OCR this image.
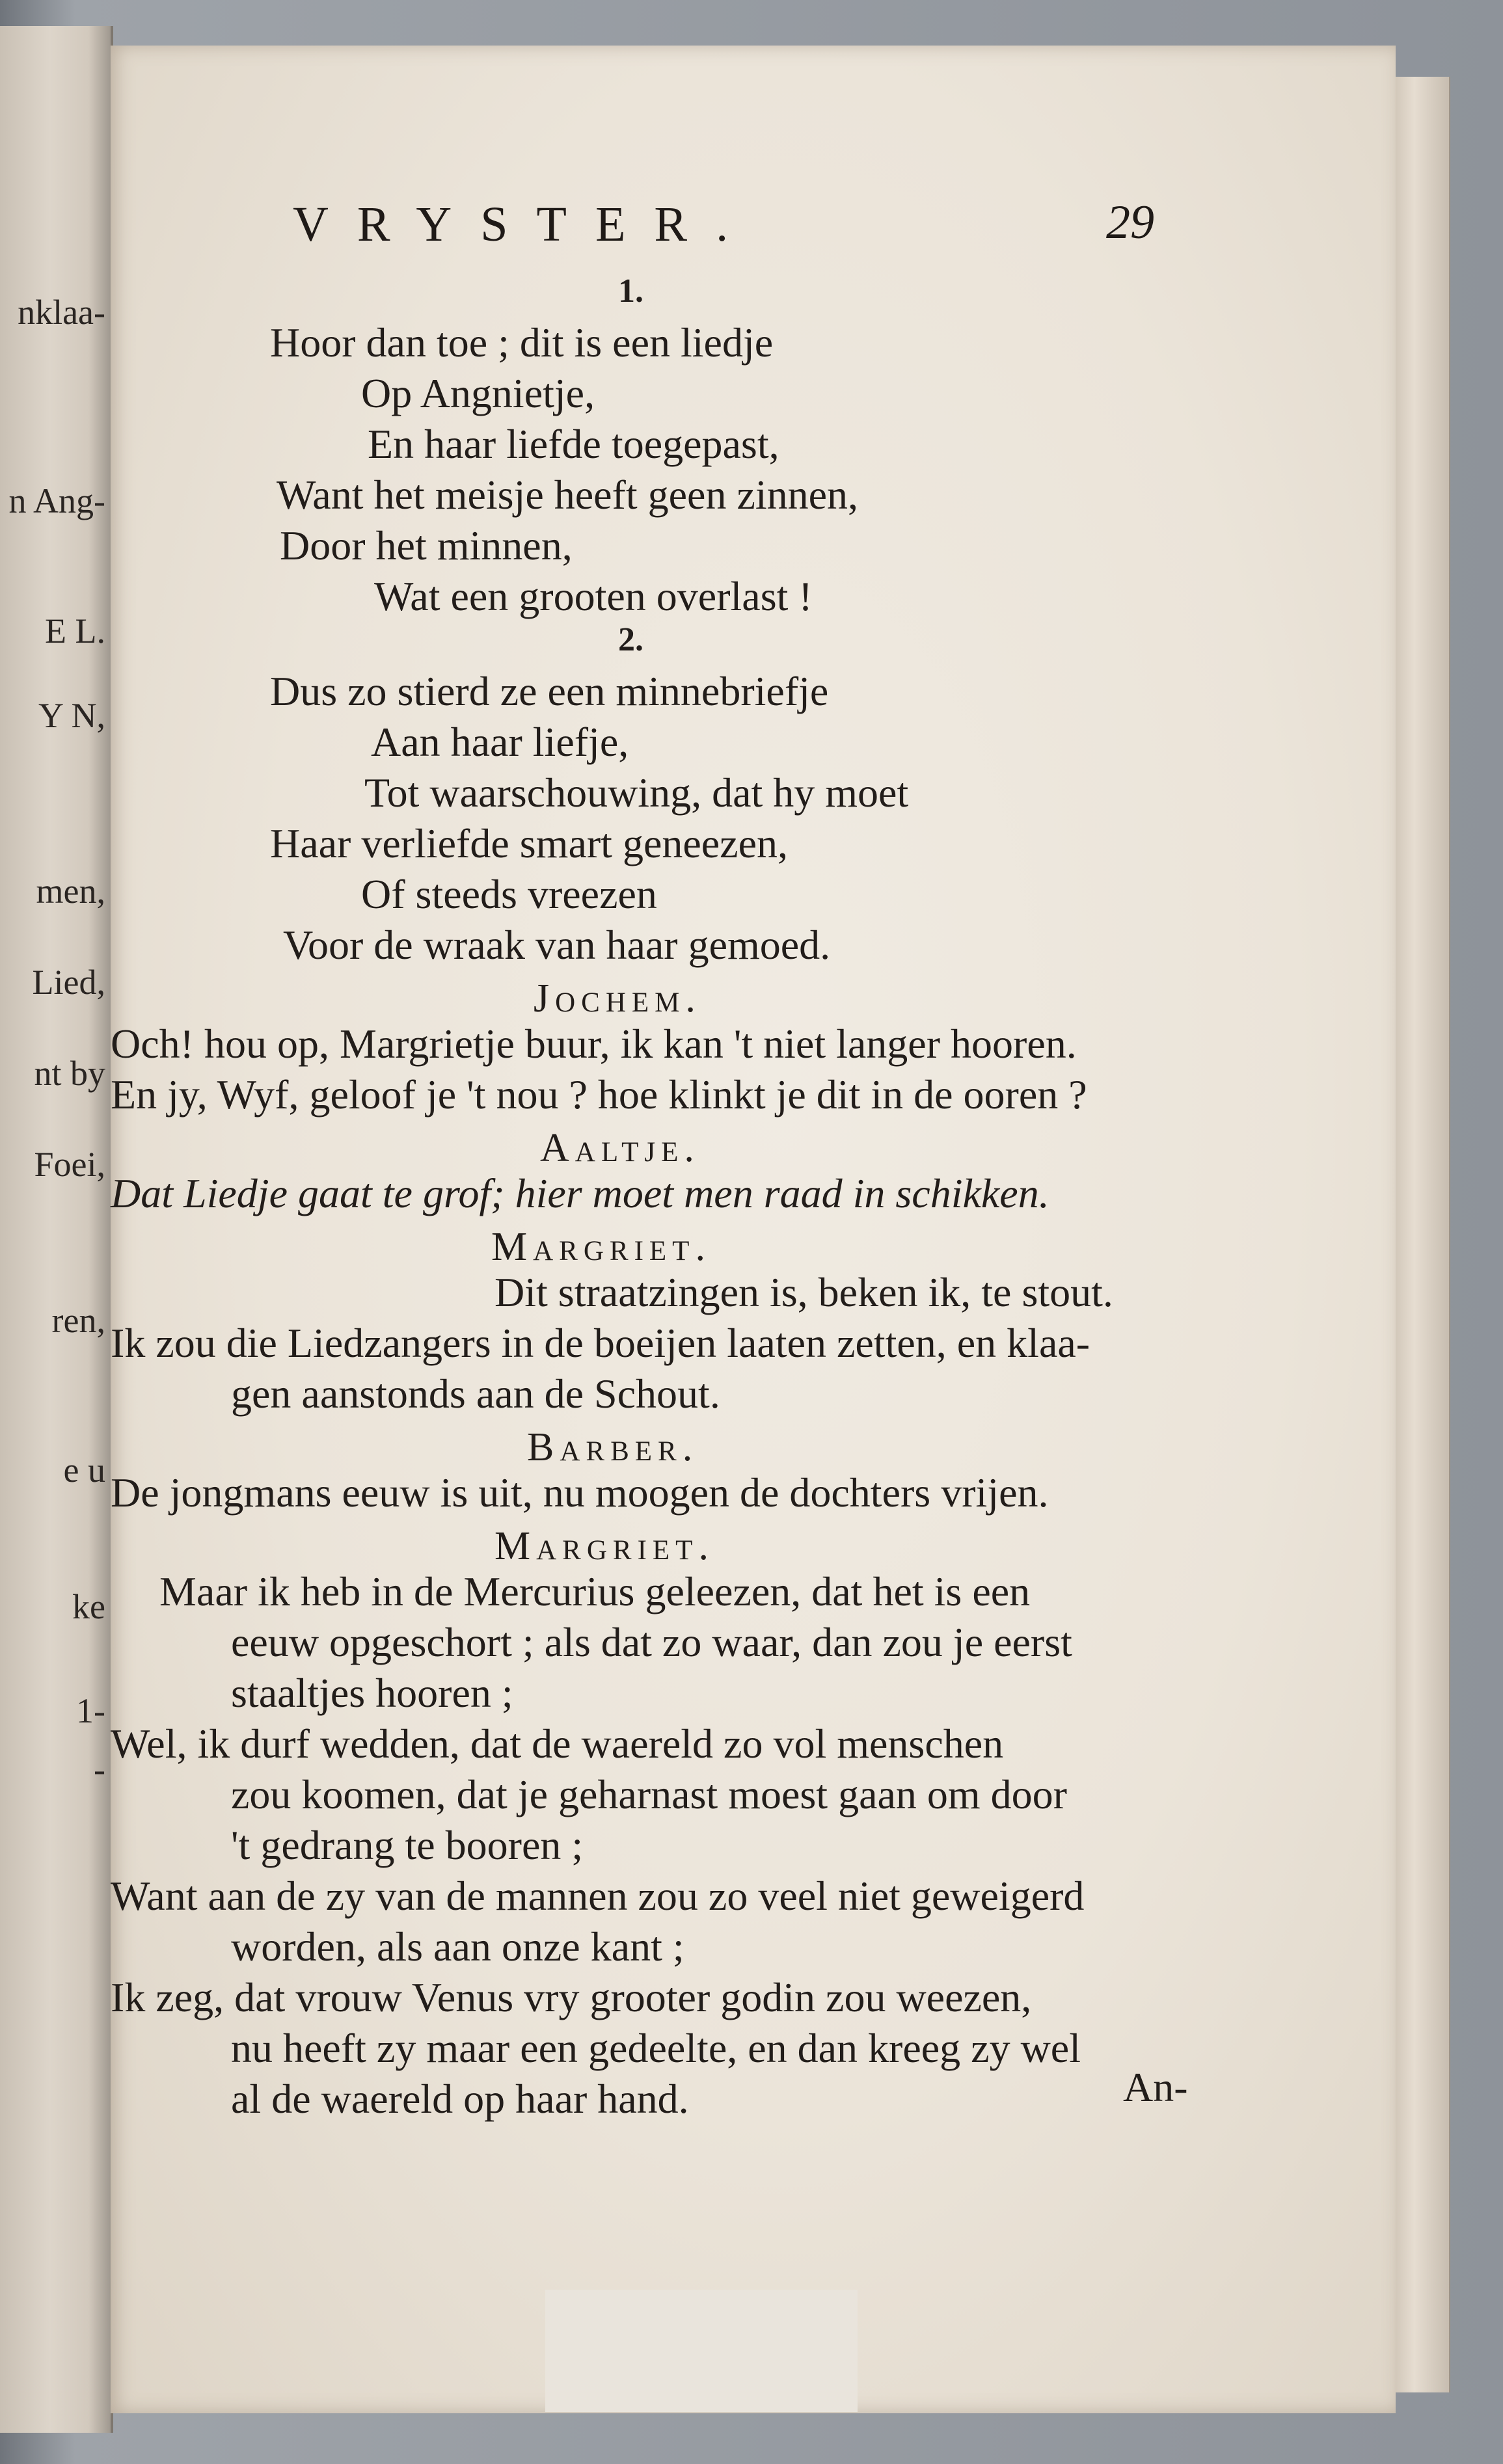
nklaa-
n Ang-
E L.
Y N,
men,
Lied,
nt by
Foei,
ren,
e u
ke
1-
-
VRYSTER.	29
1.
Hoor dan toe ; dit is een liedje
Op Angnietje,
En haar liefde toegepast,
Want het meisje heeft geen zinnen,
Door het minnen,
Wat een grooten overlast !
2.
Dus zo stierd ze een minnebriefje
Aan haar liefje,
Tot waarschouwing, dat hy moet
Haar verliefde smart geneezen,
Of steeds vreezen
Voor de wraak van haar gemoed.
Jochem.
Och! hou op, Margrietje buur, ik kan 't niet langer hooren.
En jy, Wyf, geloof je 't nou ? hoe klinkt je dit in de ooren ?
Aaltje.
Dat Liedje gaat te grof; hier moet men raad in schikken.
Margriet.
Dit straatzingen is, beken ik, te stout.
Ik zou die Liedzangers in de boeijen laaten zetten, en klaa-
gen aanstonds aan de Schout.
Barber.
De jongmans eeuw is uit, nu moogen de dochters vrijen.
Margriet.
Maar ik heb in de Mercurius geleezen, dat het is een
eeuw opgeschort ; als dat zo waar, dan zou je eerst
staaltjes hooren ;
Wel, ik durf wedden, dat de waereld zo vol menschen
zou koomen, dat je geharnast moest gaan om door
't gedrang te booren ;
Want aan de zy van de mannen zou zo veel niet geweigerd
worden, als aan onze kant ;
Ik zeg, dat vrouw Venus vry grooter godin zou weezen,
nu heeft zy maar een gedeelte, en dan kreeg zy wel
al de waereld op haar hand.	An-
